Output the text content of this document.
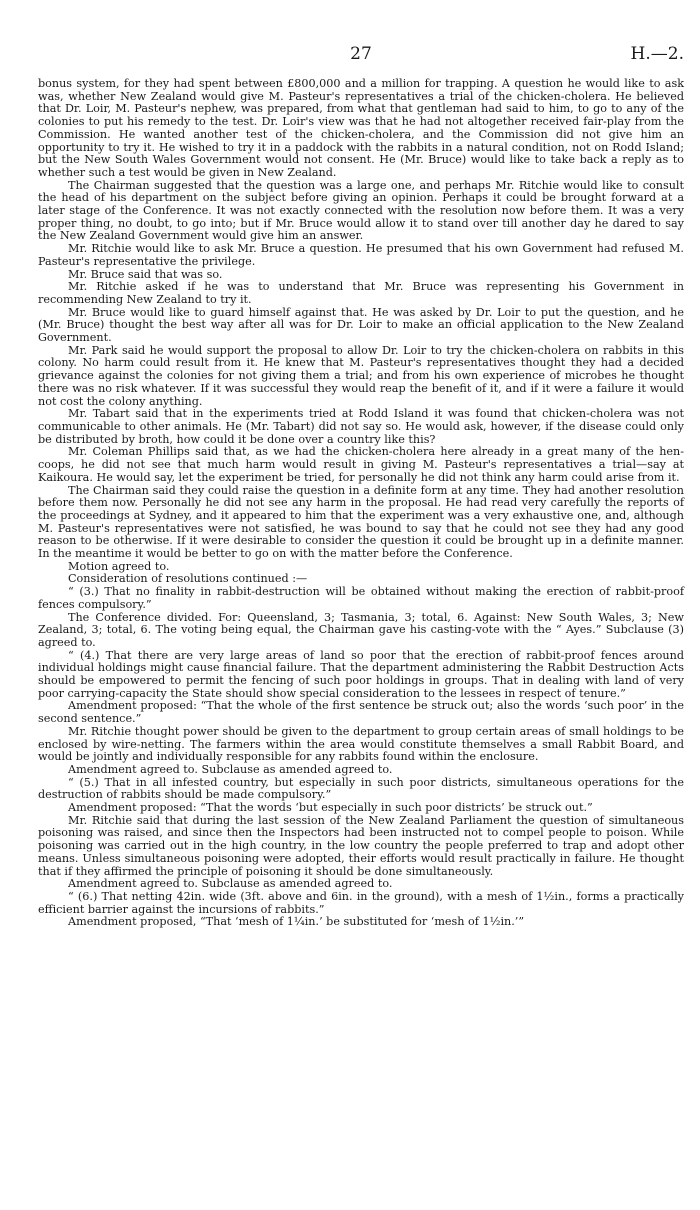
27	H.—2.

bonus system, for they had spent between £800,000 and a million for trapping. A question he would like to ask was, whether New Zealand would give M. Pasteur's representatives a trial of the chicken-cholera. He believed that Dr. Loir, M. Pasteur's nephew, was prepared, from what that gentleman had said to him, to go to any of the colonies to put his remedy to the test. Dr. Loir's view was that he had not altogether received fair-play from the Commission. He wanted another test of the chicken-cholera, and the Commission did not give him an opportunity to try it. He wished to try it in a paddock with the rabbits in a natural condition, not on Rodd Island; but the New South Wales Government would not consent. He (Mr. Bruce) would like to take back a reply as to whether such a test would be given in New Zealand.

The Chairman suggested that the question was a large one, and perhaps Mr. Ritchie would like to consult the head of his department on the subject before giving an opinion. Perhaps it could be brought forward at a later stage of the Conference. It was not exactly connected with the resolution now before them. It was a very proper thing, no doubt, to go into; but if Mr. Bruce would allow it to stand over till another day he dared to say the New Zealand Government would give him an answer.

Mr. Ritchie would like to ask Mr. Bruce a question. He presumed that his own Government had refused M. Pasteur's representative the privilege.

Mr. Bruce said that was so.

Mr. Ritchie asked if he was to understand that Mr. Bruce was representing his Government in recommending New Zealand to try it.

Mr. Bruce would like to guard himself against that. He was asked by Dr. Loir to put the question, and he (Mr. Bruce) thought the best way after all was for Dr. Loir to make an official application to the New Zealand Government.

Mr. Park said he would support the proposal to allow Dr. Loir to try the chicken-cholera on rabbits in this colony. No harm could result from it. He knew that M. Pasteur's representatives thought they had a decided grievance against the colonies for not giving them a trial; and from his own experience of microbes he thought there was no risk whatever. If it was successful they would reap the benefit of it, and if it were a failure it would not cost the colony anything.

Mr. Tabart said that in the experiments tried at Rodd Island it was found that chicken-cholera was not communicable to other animals. He (Mr. Tabart) did not say so. He would ask, however, if the disease could only be distributed by broth, how could it be done over a country like this?

Mr. Coleman Phillips said that, as we had the chicken-cholera here already in a great many of the hen-coops, he did not see that much harm would result in giving M. Pasteur's representatives a trial—say at Kaikoura. He would say, let the experiment be tried, for personally he did not think any harm could arise from it.

The Chairman said they could raise the question in a definite form at any time. They had another resolution before them now. Personally he did not see any harm in the proposal. He had read very carefully the reports of the proceedings at Sydney, and it appeared to him that the experiment was a very exhaustive one, and, although M. Pasteur's representatives were not satisfied, he was bound to say that he could not see they had any good reason to be otherwise. If it were desirable to consider the question it could be brought up in a definite manner. In the meantime it would be better to go on with the matter before the Conference.

Motion agreed to.

Consideration of resolutions continued :—

“ (3.) That no finality in rabbit-destruction will be obtained without making the erection of rabbit-proof fences compulsory.”

The Conference divided. For: Queensland, 3; Tasmania, 3; total, 6. Against: New South Wales, 3; New Zealand, 3; total, 6. The voting being equal, the Chairman gave his casting-vote with the “ Ayes.” Subclause (3) agreed to.

“ (4.) That there are very large areas of land so poor that the erection of rabbit-proof fences around individual holdings might cause financial failure. That the department administering the Rabbit Destruction Acts should be empowered to permit the fencing of such poor holdings in groups. That in dealing with land of very poor carrying-capacity the State should show special consideration to the lessees in respect of tenure.”

Amendment proposed: “That the whole of the first sentence be struck out; also the words ‘such poor’ in the second sentence.”

Mr. Ritchie thought power should be given to the department to group certain areas of small holdings to be enclosed by wire-netting. The farmers within the area would constitute themselves a small Rabbit Board, and would be jointly and individually responsible for any rabbits found within the enclosure.

Amendment agreed to. Subclause as amended agreed to.

“ (5.) That in all infested country, but especially in such poor districts, simultaneous operations for the destruction of rabbits should be made compulsory.”

Amendment proposed: “That the words ‘but especially in such poor districts’ be struck out.”

Mr. Ritchie said that during the last session of the New Zealand Parliament the question of simultaneous poisoning was raised, and since then the Inspectors had been instructed not to compel people to poison. While poisoning was carried out in the high country, in the low country the people preferred to trap and adopt other means. Unless simultaneous poisoning were adopted, their efforts would result practically in failure. He thought that if they affirmed the principle of poisoning it should be done simultaneously.

Amendment agreed to. Subclause as amended agreed to.

“ (6.) That netting 42in. wide (3ft. above and 6in. in the ground), with a mesh of 1½in., forms a practically efficient barrier against the incursions of rabbits.”

Amendment proposed, “That ‘mesh of 1¼in.’ be substituted for ‘mesh of 1½in.’”
